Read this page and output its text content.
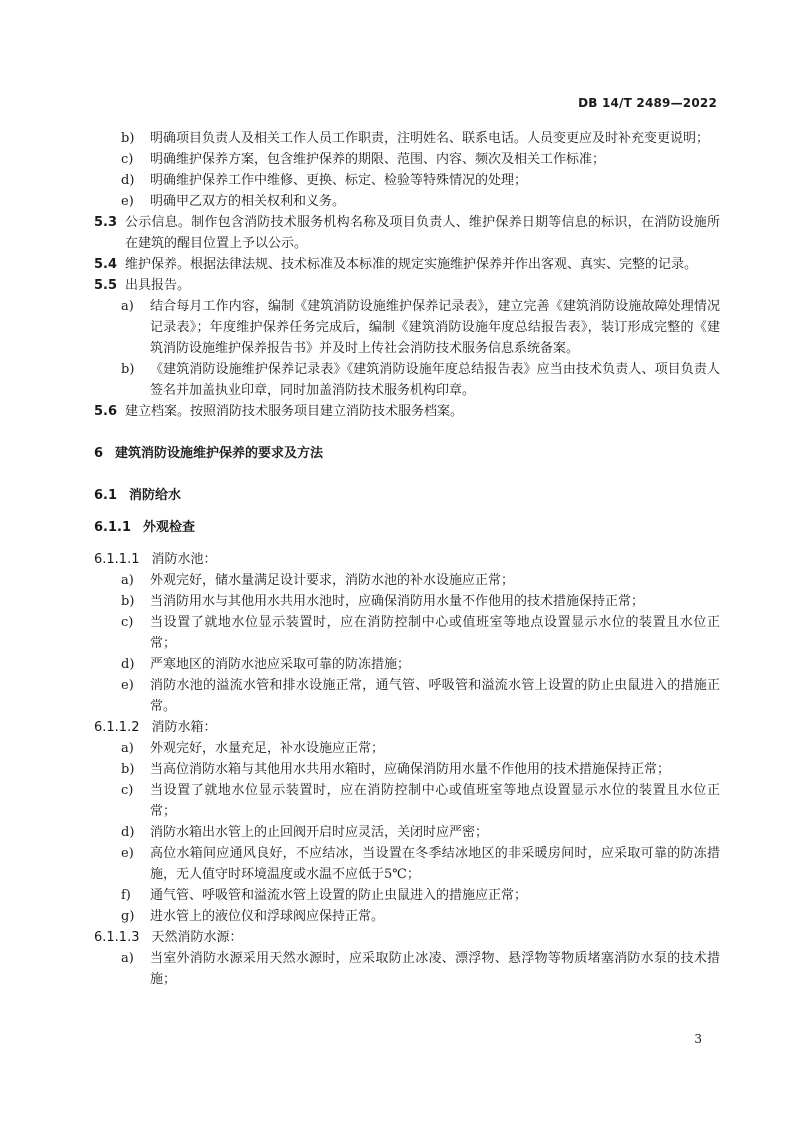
DB 14/T 2489—2022
b)	明确项目负责人及相关工作人员工作职责，注明姓名、联系电话。人员变更应及时补充变更说明；
c)	明确维护保养方案，包含维护保养的期限、范围、内容、频次及相关工作标准；
d)	明确维护保养工作中维修、更换、标定、检验等特殊情况的处理；
e)	明确甲乙双方的相关权利和义务。
5.3 公示信息。制作包含消防技术服务机构名称及项目负责人、维护保养日期等信息的标识，在消防设施所在建筑的醒目位置上予以公示。
5.4 维护保养。根据法律法规、技术标准及本标准的规定实施维护保养并作出客观、真实、完整的记录。
5.5 出具报告。
a)	结合每月工作内容，编制《建筑消防设施维护保养记录表》，建立完善《建筑消防设施故障处理情况记录表》；年度维护保养任务完成后，编制《建筑消防设施年度总结报告表》，装订形成完整的《建筑消防设施维护保养报告书》并及时上传社会消防技术服务信息系统备案。
b)	《建筑消防设施维护保养记录表》《建筑消防设施年度总结报告表》应当由技术负责人、项目负责人签名并加盖执业印章，同时加盖消防技术服务机构印章。
5.6 建立档案。按照消防技术服务项目建立消防技术服务档案。
6 建筑消防设施维护保养的要求及方法
6.1 消防给水
6.1.1 外观检查
6.1.1.1 消防水池：
a)	外观完好，储水量满足设计要求，消防水池的补水设施应正常；
b)	当消防用水与其他用水共用水池时，应确保消防用水量不作他用的技术措施保持正常；
c)	当设置了就地水位显示装置时，应在消防控制中心或值班室等地点设置显示水位的装置且水位正常；
d)	严寒地区的消防水池应采取可靠的防冻措施；
e)	消防水池的溢流水管和排水设施正常，通气管、呼吸管和溢流水管上设置的防止虫鼠进入的措施正常。
6.1.1.2 消防水箱：
a)	外观完好，水量充足，补水设施应正常；
b)	当高位消防水箱与其他用水共用水箱时，应确保消防用水量不作他用的技术措施保持正常；
c)	当设置了就地水位显示装置时，应在消防控制中心或值班室等地点设置显示水位的装置且水位正常；
d)	消防水箱出水管上的止回阀开启时应灵活，关闭时应严密；
e)	高位水箱间应通风良好，不应结冰，当设置在冬季结冰地区的非采暖房间时，应采取可靠的防冻措施，无人值守时环境温度或水温不应低于5℃；
f)	通气管、呼吸管和溢流水管上设置的防止虫鼠进入的措施应正常；
g)	进水管上的液位仪和浮球阀应保持正常。
6.1.1.3 天然消防水源：
a)	当室外消防水源采用天然水源时，应采取防止冰凌、漂浮物、悬浮物等物质堵塞消防水泵的技术措施；
3
